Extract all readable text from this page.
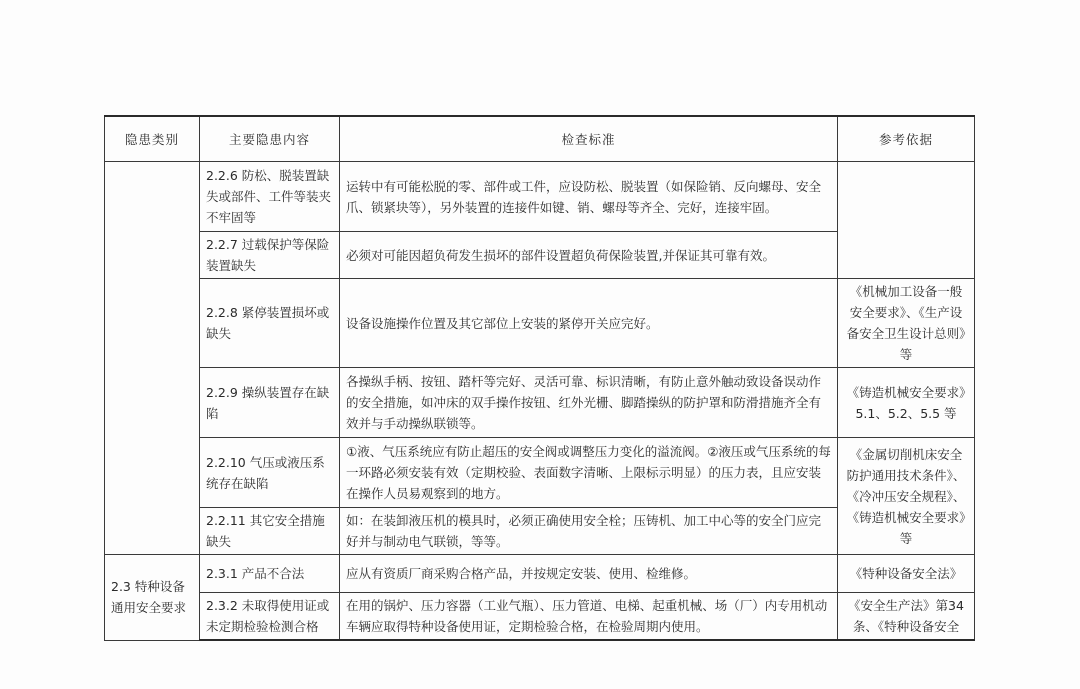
隐患类别	主要隐患内容	检查标准	参考依据
	2.2.6 防松、脱装置缺失或部件、工件等装夹不牢固等	运转中有可能松脱的零、部件或工件，应设防松、脱装置（如保险销、反向螺母、安全爪、锁紧块等），另外装置的连接件如键、销、螺母等齐全、完好，连接牢固。	
	2.2.7 过载保护等保险装置缺失	必须对可能因超负荷发生损坏的部件设置超负荷保险装置,并保证其可靠有效。	
	2.2.8 紧停装置损坏或缺失	设备设施操作位置及其它部位上安装的紧停开关应完好。	《机械加工设备一般安全要求》、《生产设备安全卫生设计总则》等
	2.2.9 操纵装置存在缺陷	各操纵手柄、按钮、踏杆等完好、灵活可靠、标识清晰，有防止意外触动致设备误动作的安全措施，如冲床的双手操作按钮、红外光栅、脚踏操纵的防护罩和防滑措施齐全有效并与手动操纵联锁等。	《铸造机械安全要求》5.1、5.2、5.5 等
	2.2.10 气压或液压系统存在缺陷	①液、气压系统应有防止超压的安全阀或调整压力变化的溢流阀。②液压或气压系统的每一环路必须安装有效（定期校验、表面数字清晰、上限标示明显）的压力表，且应安装在操作人员易观察到的地方。	《金属切削机床安全防护通用技术条件》、《冷冲压安全规程》、《铸造机械安全要求》等
	2.2.11 其它安全措施缺失	如：在装卸液压机的模具时，必须正确使用安全栓；压铸机、加工中心等的安全门应完好并与制动电气联锁，等等。	
2.3 特种设备通用安全要求	2.3.1 产品不合法	应从有资质厂商采购合格产品，并按规定安装、使用、检维修。	《特种设备安全法》
	2.3.2 未取得使用证或未定期检验检测合格	在用的锅炉、压力容器（工业气瓶）、压力管道、电梯、起重机械、场（厂）内专用机动车辆应取得特种设备使用证，定期检验合格，在检验周期内使用。	《安全生产法》第34条、《特种设备安全
